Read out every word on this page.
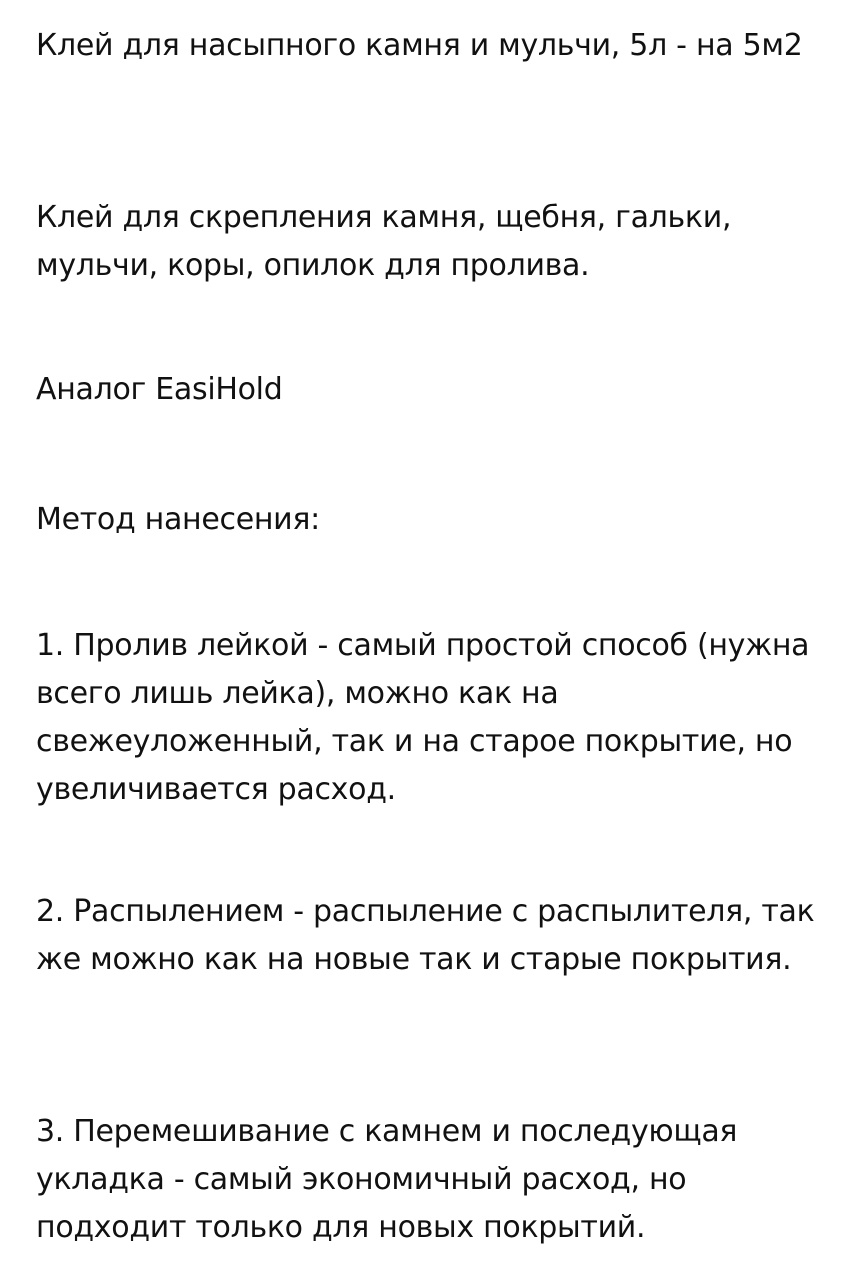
Клей для насыпного камня и мульчи, 5л - на 5м2

Клей для скрепления камня, щебня, гальки, мульчи, коры, опилок для пролива.

Аналог EasiHold

Метод нанесения:

1. Пролив лейкой - самый простой способ (нужна всего лишь лейка), можно как на свежеуложенный, так и на старое покрытие, но увеличивается расход.

2. Распылением - распыление с распылителя, так же можно как на новые так и старые покрытия.

3. Перемешивание с камнем и последующая укладка - самый экономичный расход, но подходит только для новых покрытий.
